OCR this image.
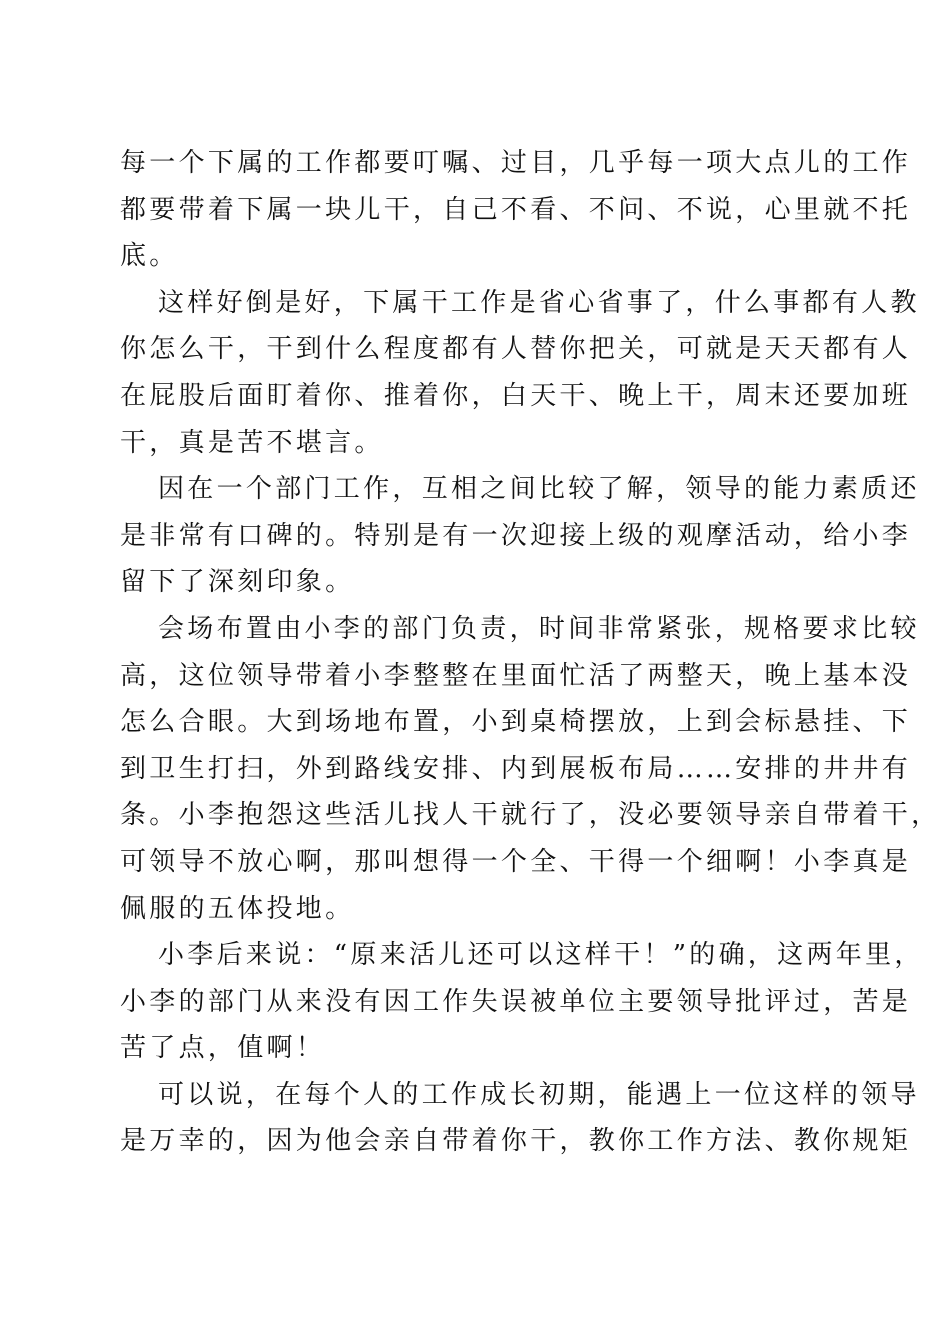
每一个下属的工作都要叮嘱、过目，几乎每一项大点儿的工作
都要带着下属一块儿干，自己不看、不问、不说，心里就不托
底。
这样好倒是好，下属干工作是省心省事了，什么事都有人教
你怎么干，干到什么程度都有人替你把关，可就是天天都有人
在屁股后面盯着你、推着你，白天干、晚上干，周末还要加班
干，真是苦不堪言。
因在一个部门工作，互相之间比较了解，领导的能力素质还
是非常有口碑的。特别是有一次迎接上级的观摩活动，给小李
留下了深刻印象。
会场布置由小李的部门负责，时间非常紧张，规格要求比较
高，这位领导带着小李整整在里面忙活了两整天，晚上基本没
怎么合眼。大到场地布置，小到桌椅摆放，上到会标悬挂、下
到卫生打扫，外到路线安排、内到展板布局……安排的井井有
条。小李抱怨这些活儿找人干就行了，没必要领导亲自带着干，
可领导不放心啊，那叫想得一个全、干得一个细啊！小李真是
佩服的五体投地。
小李后来说：“原来活儿还可以这样干！”的确，这两年里，
小李的部门从来没有因工作失误被单位主要领导批评过，苦是
苦了点，值啊！
可以说，在每个人的工作成长初期，能遇上一位这样的领导
是万幸的，因为他会亲自带着你干，教你工作方法、教你规矩
